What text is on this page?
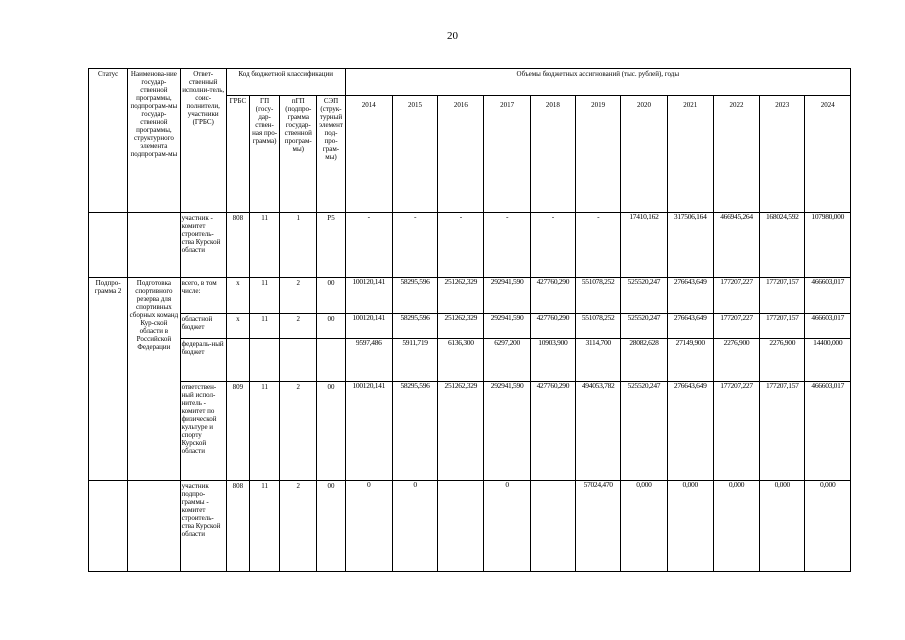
20
Статус	Наименова-ние государ-ственной программы, подпрограм-мы государ-ственной программы, структурного элемента подпрограм-мы	Ответ-ственный исполни-тель, соис-полнители, участники (ГРБС)	Код бюджетной классификации				Объемы бюджетных ассигнований (тыс. рублей), годы										
			ГРБС	ГП (госу-дар-ствен-ная про-грамма)	пГП (подпро-грамма государ-ственной програм-мы)	СЭП (струк-турный элемент под-про-грам-мы)	2014	2015	2016	2017	2018	2019	2020	2021	2022	2023	2024
		участник - комитет строитель-ства Курской области	808	11	1	Р5	-	-	-	-	-	-	17410,162	317506,164	466945,264	168024,592	107980,000
Подпро-грамма 2	Подготовка спортивного резерва для спортивных сборных команд Кур-ской области в Российской Федерации	всего, в том числе:	х	11	2	00	100120,141	58295,596	251262,329	292941,590	427760,290	551078,252	525520,247	276643,649	177207,227	177207,157	466603,017
		областной бюджет	х	11	2	00	100120,141	58295,596	251262,329	292941,590	427760,290	551078,252	525520,247	276643,649	177207,227	177207,157	466603,017
		федераль-ный бюджет					9597,486	5911,719	6136,300	6297,200	10903,900	3114,700	28082,628	27149,900	2276,900	2276,900	14400,000
		ответствен-ный испол-нитель - комитет по физической культуре и спорту Курской области	809	11	2	00	100120,141	58295,596	251262,329	292941,590	427760,290	494053,782	525520,247	276643,649	177207,227	177207,157	466603,017
		участник подпро-граммы - комитет строитель-ства Курской области	808	11	2	00	0	0		0		57024,470	0,000	0,000	0,000	0,000	0,000
